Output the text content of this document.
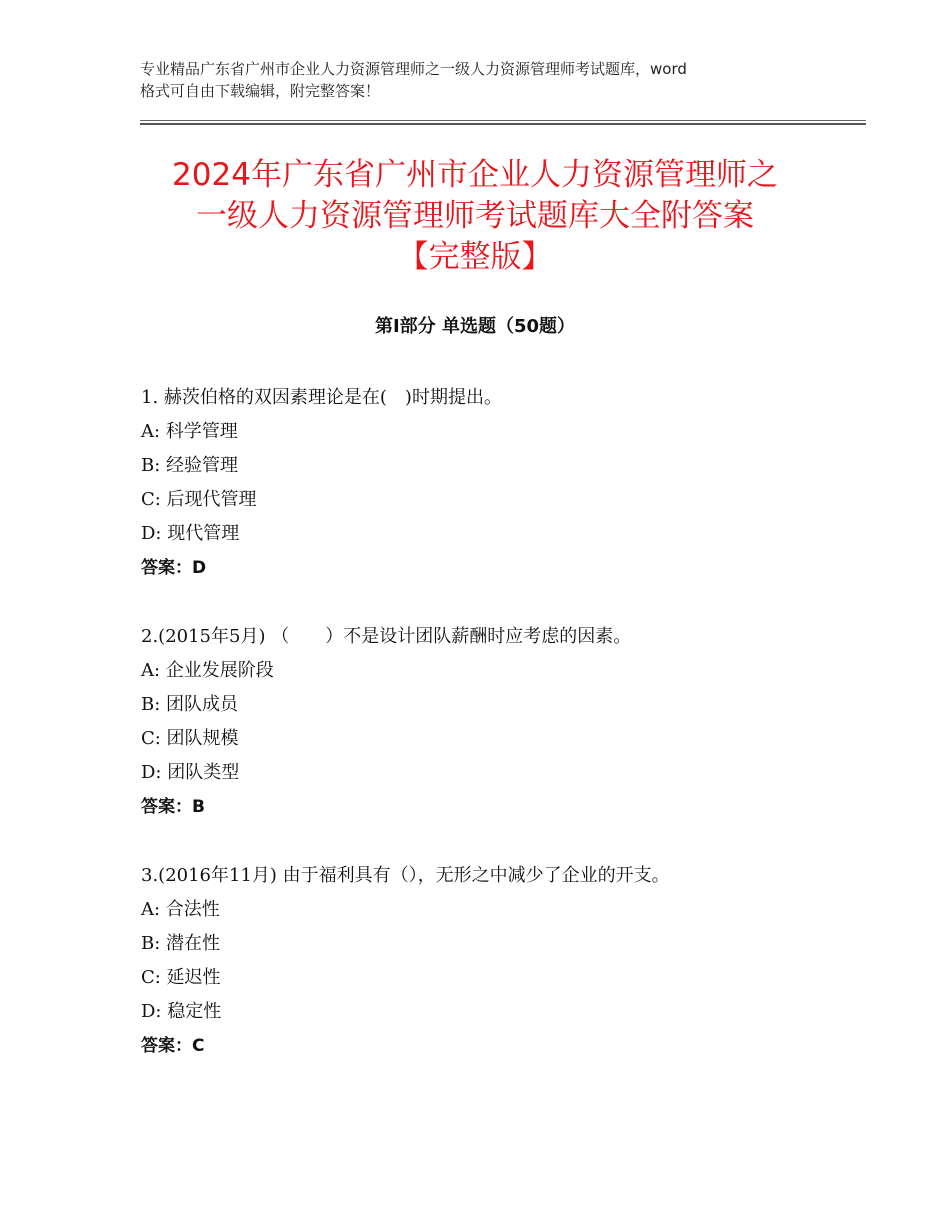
专业精品广东省广州市企业人力资源管理师之一级人力资源管理师考试题库，word
格式可自由下载编辑，附完整答案！
2024年广东省广州市企业人力资源管理师之
一级人力资源管理师考试题库大全附答案
【完整版】
第Ⅰ部分 单选题（50题）
1. 赫茨伯格的双因素理论是在(　)时期提出。
A: 科学管理
B: 经验管理
C: 后现代管理
D: 现代管理
答案：D
2.(2015年5月) （　　）不是设计团队薪酬时应考虑的因素。
A: 企业发展阶段
B: 团队成员
C: 团队规模
D: 团队类型
答案：B
3.(2016年11月) 由于福利具有（），无形之中减少了企业的开支。
A: 合法性
B: 潜在性
C: 延迟性
D: 稳定性
答案：C
